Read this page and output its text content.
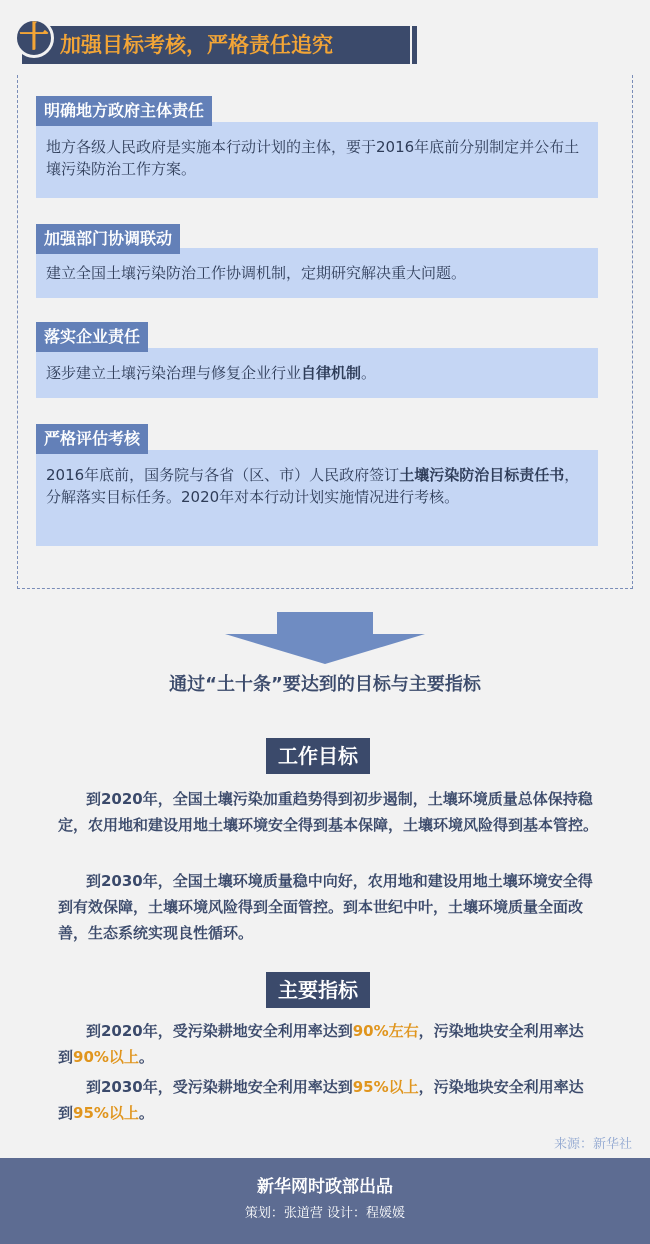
十 加强目标考核，严格责任追究
地方各级人民政府是实施本行动计划的主体，要于2016年底前分别制定并公布土壤污染防治工作方案。
明确地方政府主体责任
建立全国土壤污染防治工作协调机制，定期研究解决重大问题。
加强部门协调联动
逐步建立土壤污染治理与修复企业行业自律机制。
落实企业责任
2016年底前，国务院与各省（区、市）人民政府签订土壤污染防治目标责任书，分解落实目标任务。2020年对本行动计划实施情况进行考核。
严格评估考核
通过“土十条”要达到的目标与主要指标
工作目标
到2020年，全国土壤污染加重趋势得到初步遏制，土壤环境质量总体保持稳定，农用地和建设用地土壤环境安全得到基本保障，土壤环境风险得到基本管控。
到2030年，全国土壤环境质量稳中向好，农用地和建设用地土壤环境安全得到有效保障，土壤环境风险得到全面管控。到本世纪中叶，土壤环境质量全面改善，生态系统实现良性循环。
主要指标
到2020年，受污染耕地安全利用率达到90%左右，污染地块安全利用率达到90%以上。
到2030年，受污染耕地安全利用率达到95%以上，污染地块安全利用率达到95%以上。
来源：新华社
新华网时政部出品
策划：张道营 设计：程媛媛
